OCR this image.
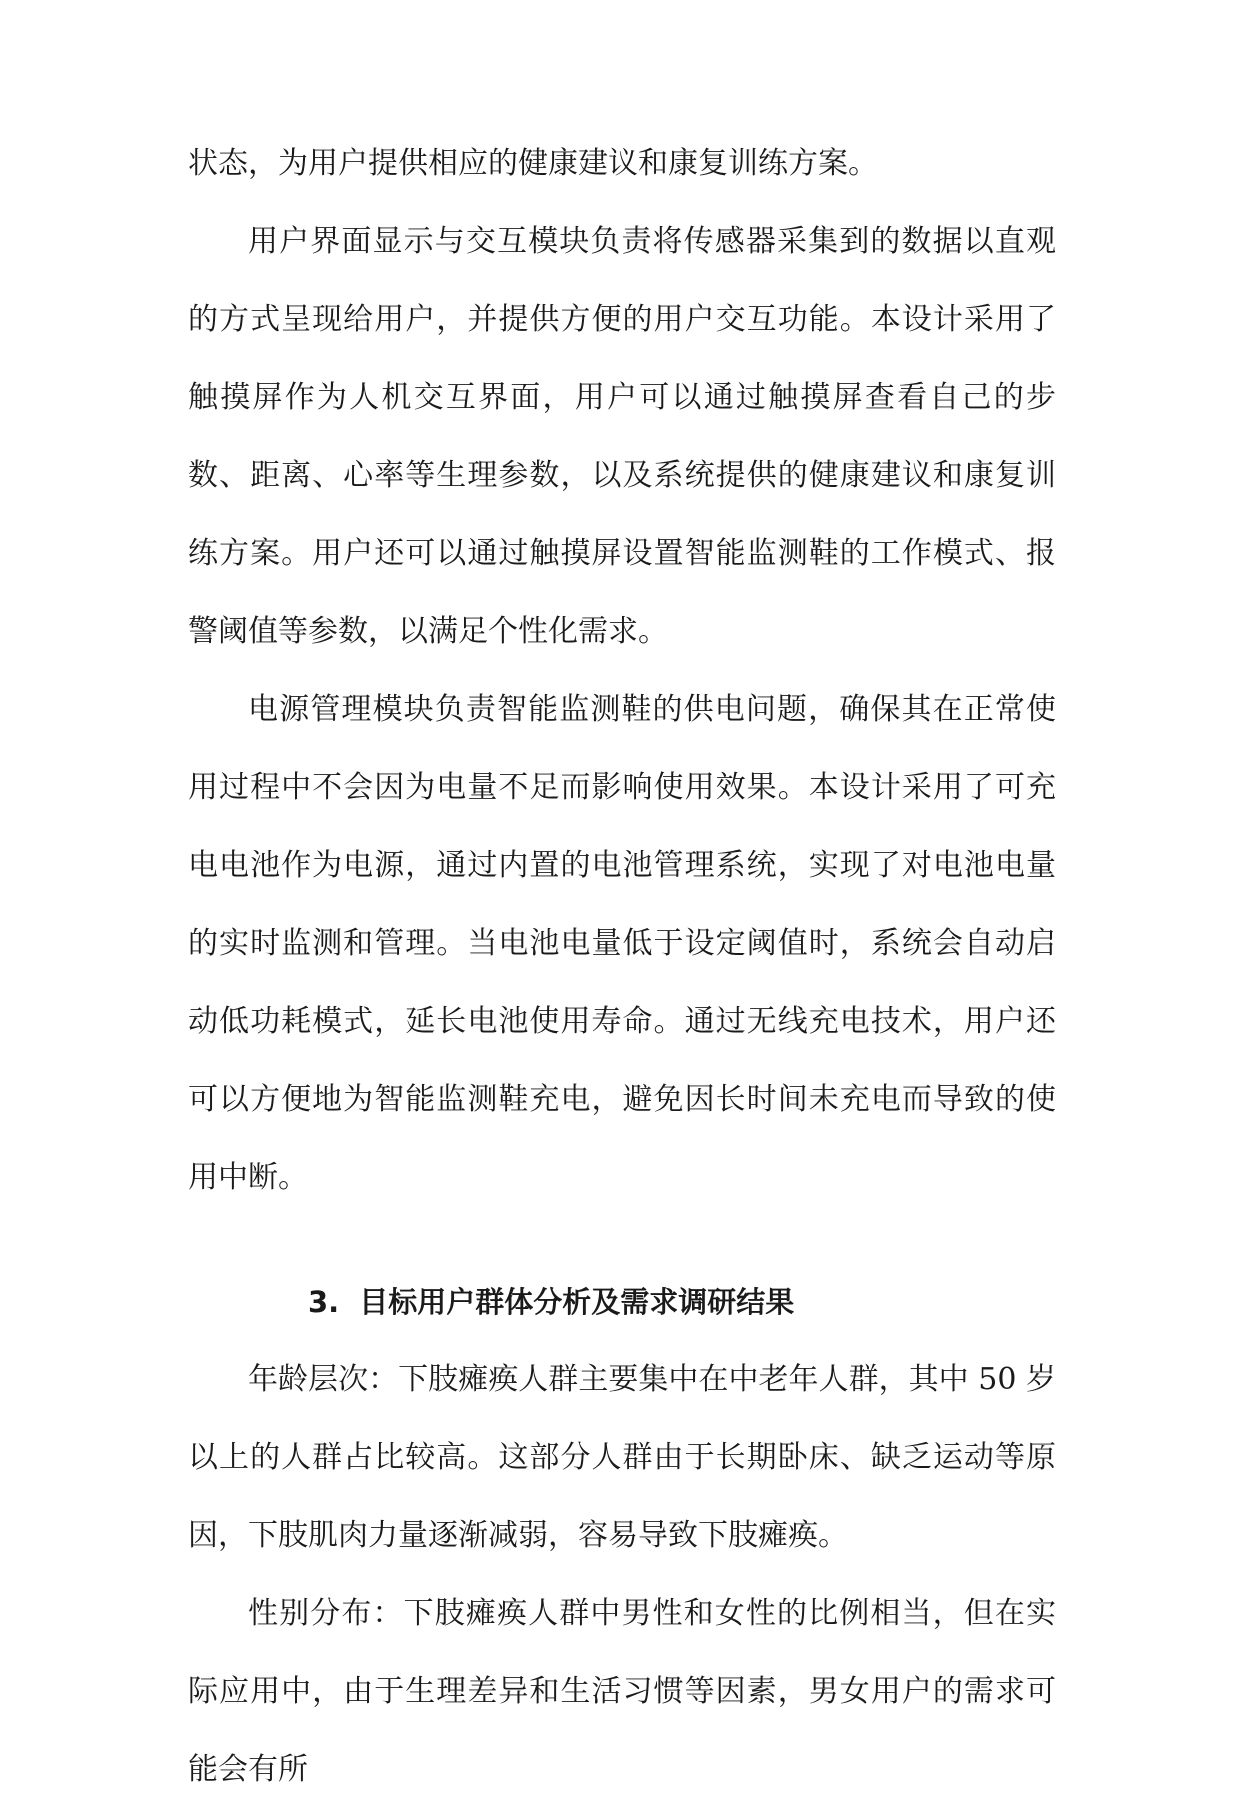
状态，为用户提供相应的健康建议和康复训练方案。

用户界面显示与交互模块负责将传感器采集到的数据以直观的方式呈现给用户，并提供方便的用户交互功能。本设计采用了触摸屏作为人机交互界面，用户可以通过触摸屏查看自己的步数、距离、心率等生理参数，以及系统提供的健康建议和康复训练方案。用户还可以通过触摸屏设置智能监测鞋的工作模式、报警阈值等参数，以满足个性化需求。

电源管理模块负责智能监测鞋的供电问题，确保其在正常使用过程中不会因为电量不足而影响使用效果。本设计采用了可充电电池作为电源，通过内置的电池管理系统，实现了对电池电量的实时监测和管理。当电池电量低于设定阈值时，系统会自动启动低功耗模式，延长电池使用寿命。通过无线充电技术，用户还可以方便地为智能监测鞋充电，避免因长时间未充电而导致的使用中断。

3. 目标用户群体分析及需求调研结果

年龄层次：下肢瘫痪人群主要集中在中老年人群，其中 50 岁以上的人群占比较高。这部分人群由于长期卧床、缺乏运动等原因，下肢肌肉力量逐渐减弱，容易导致下肢瘫痪。

性别分布：下肢瘫痪人群中男性和女性的比例相当，但在实际应用中，由于生理差异和生活习惯等因素，男女用户的需求可能会有所
